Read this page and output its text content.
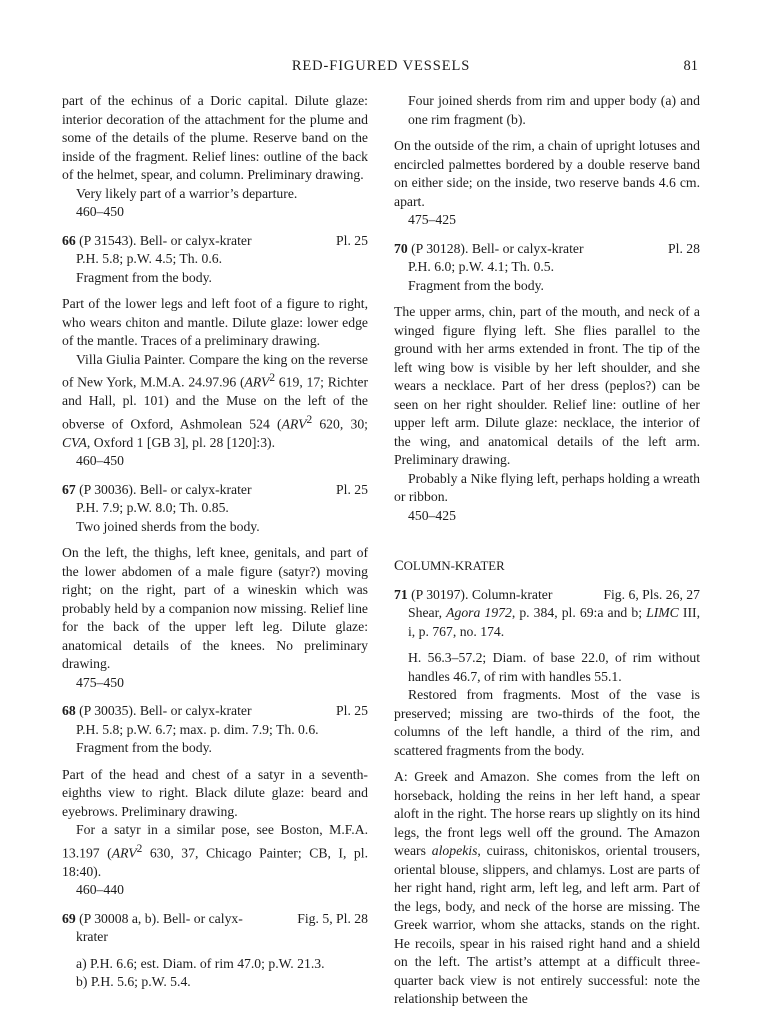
RED-FIGURED VESSELS	81

part of the echinus of a Doric capital. Dilute glaze: interior decoration of the attachment for the plume and some of the details of the plume. Reserve band on the inside of the fragment. Relief lines: outline of the back of the helmet, spear, and column. Preliminary drawing.

Very likely part of a warrior’s departure.

460–450

66 (P 31543). Bell- or calyx-krater	Pl. 25

P.H. 5.8; p.W. 4.5; Th. 0.6.

Fragment from the body.

Part of the lower legs and left foot of a figure to right, who wears chiton and mantle. Dilute glaze: lower edge of the mantle. Traces of a preliminary drawing.

Villa Giulia Painter. Compare the king on the reverse of New York, M.M.A. 24.97.96 (ARV$^2$ 619, 17; Richter and Hall, pl. 101) and the Muse on the left of the obverse of Oxford, Ashmolean 524 (ARV$^2$ 620, 30; CVA, Oxford 1 [GB 3], pl. 28 [120]:3).

460–450

67 (P 30036). Bell- or calyx-krater	Pl. 25

P.H. 7.9; p.W. 8.0; Th. 0.85.

Two joined sherds from the body.

On the left, the thighs, left knee, genitals, and part of the lower abdomen of a male figure (satyr?) moving right; on the right, part of a wineskin which was probably held by a companion now missing. Relief line for the back of the upper left leg. Dilute glaze: anatomical details of the knees. No preliminary drawing.

475–450

68 (P 30035). Bell- or calyx-krater	Pl. 25

P.H. 5.8; p.W. 6.7; max. p. dim. 7.9; Th. 0.6.

Fragment from the body.

Part of the head and chest of a satyr in a seventh-eighths view to right. Black dilute glaze: beard and eyebrows. Preliminary drawing.

For a satyr in a similar pose, see Boston, M.F.A. 13.197 (ARV$^2$ 630, 37, Chicago Painter; CB, I, pl. 18:40).

460–440

69 (P 30008 a, b). Bell- or calyx-	Fig. 5, Pl. 28

krater

a) P.H. 6.6; est. Diam. of rim 47.0; p.W. 21.3.

b) P.H. 5.6; p.W. 5.4.

Four joined sherds from rim and upper body (a) and one rim fragment (b).

On the outside of the rim, a chain of upright lotuses and encircled palmettes bordered by a double reserve band on either side; on the inside, two reserve bands 4.6 cm. apart.

475–425

70 (P 30128). Bell- or calyx-krater	Pl. 28

P.H. 6.0; p.W. 4.1; Th. 0.5.

Fragment from the body.

The upper arms, chin, part of the mouth, and neck of a winged figure flying left. She flies parallel to the ground with her arms extended in front. The tip of the left wing bow is visible by her left shoulder, and she wears a necklace. Part of her dress (peplos?) can be seen on her right shoulder. Relief line: outline of her upper left arm. Dilute glaze: necklace, the interior of the wing, and anatomical details of the left arm. Preliminary drawing.

Probably a Nike flying left, perhaps holding a wreath or ribbon.

450–425

COLUMN-KRATER

71 (P 30197). Column-krater	Fig. 6, Pls. 26, 27

Shear, Agora 1972, p. 384, pl. 69:a and b; LIMC III, i, p. 767, no. 174.

H. 56.3–57.2; Diam. of base 22.0, of rim without handles 46.7, of rim with handles 55.1.

Restored from fragments. Most of the vase is preserved; missing are two-thirds of the foot, the columns of the left handle, a third of the rim, and scattered fragments from the body.

A: Greek and Amazon. She comes from the left on horseback, holding the reins in her left hand, a spear aloft in the right. The horse rears up slightly on its hind legs, the front legs well off the ground. The Amazon wears alopekis, cuirass, chitoniskos, oriental trousers, oriental blouse, slippers, and chlamys. Lost are parts of her right hand, right arm, left leg, and left arm. Part of the legs, body, and neck of the horse are missing. The Greek warrior, whom she attacks, stands on the right. He recoils, spear in his raised right hand and a shield on the left. The artist’s attempt at a difficult three-quarter back view is not entirely successful: note the relationship between the
